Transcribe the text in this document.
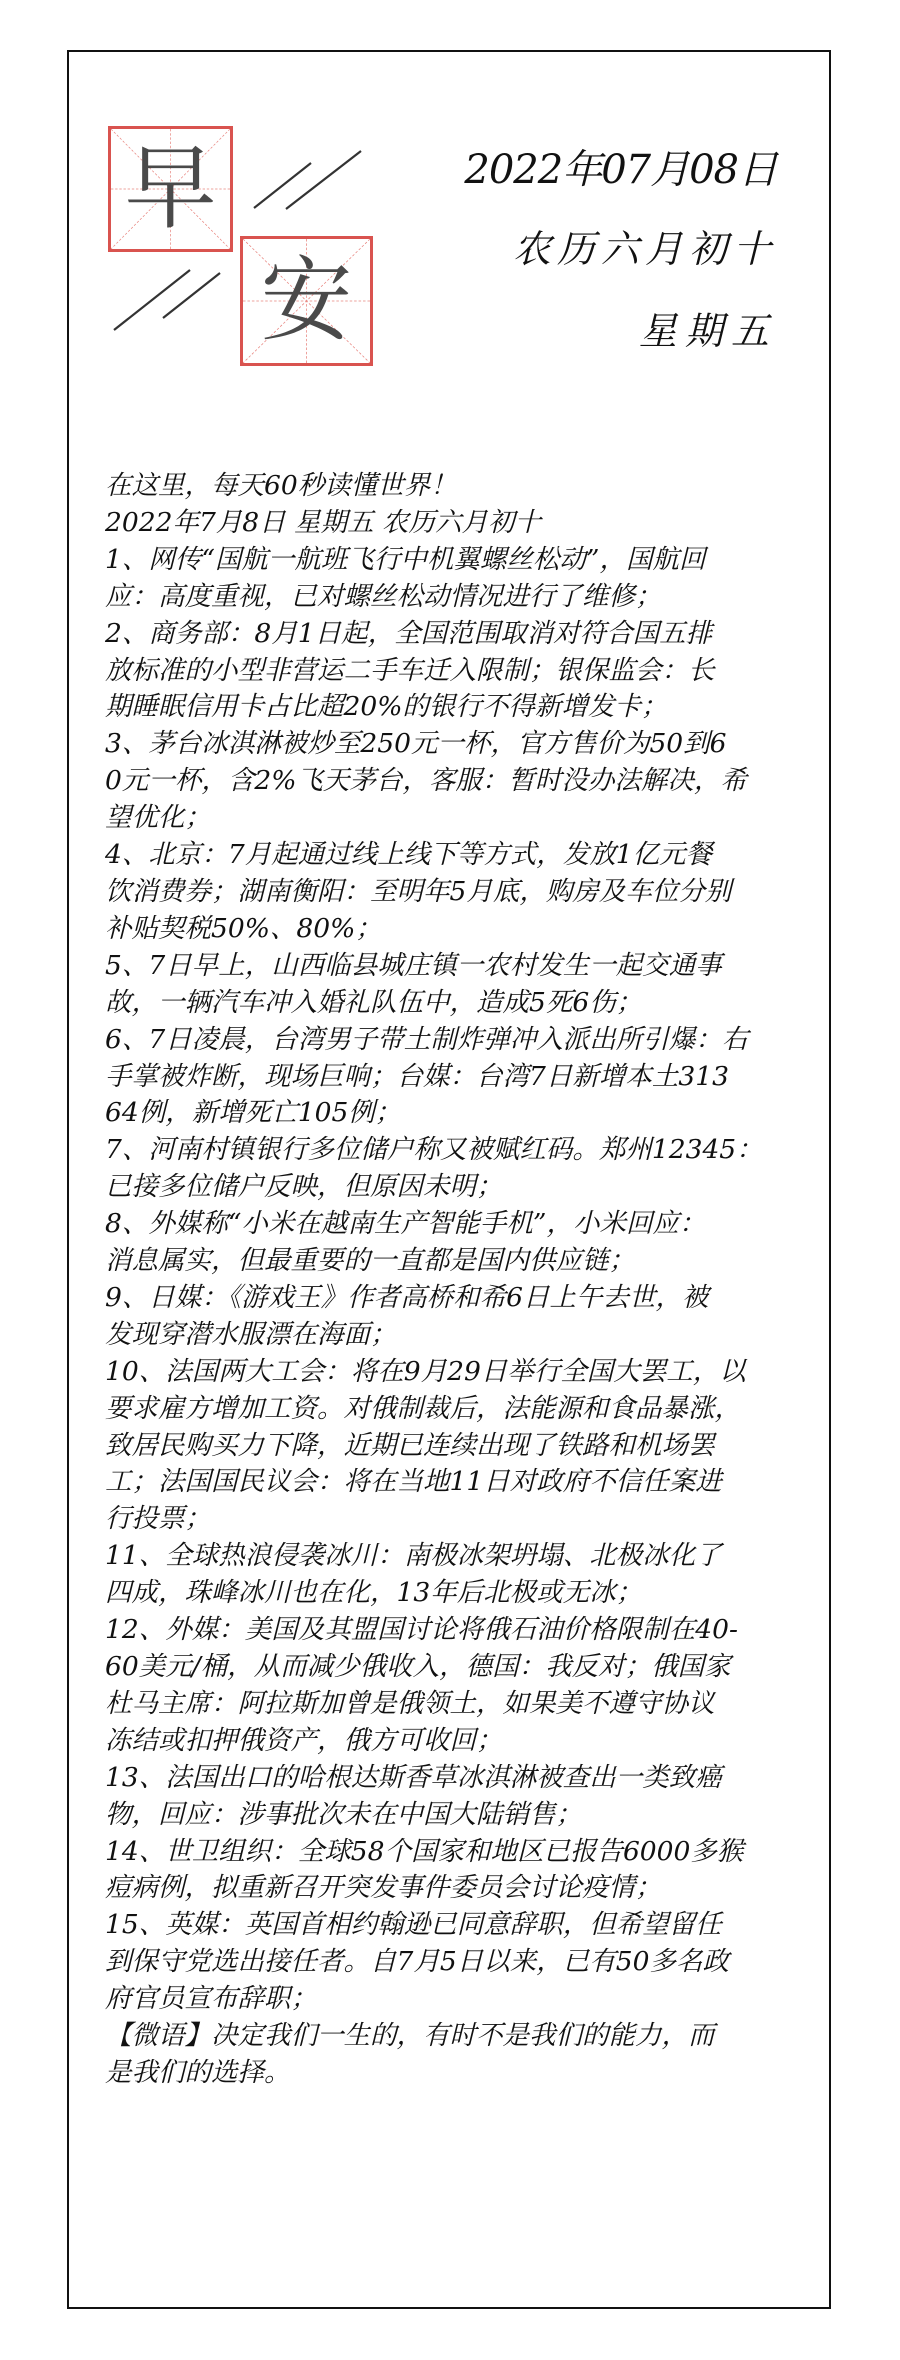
早
安
2022年07月08日
农历六月初十
星期五
在这里，每天60秒读懂世界！
2022年7月8日 星期五 农历六月初十
1、网传“国航一航班飞行中机翼螺丝松动”，国航回
应：高度重视，已对螺丝松动情况进行了维修；
2、商务部：8月1日起，全国范围取消对符合国五排
放标准的小型非营运二手车迁入限制；银保监会：长
期睡眠信用卡占比超20%的银行不得新增发卡；
3、茅台冰淇淋被炒至250元一杯，官方售价为50到6
0元一杯，含2%飞天茅台，客服：暂时没办法解决，希
望优化；
4、北京：7月起通过线上线下等方式，发放1亿元餐
饮消费券；湖南衡阳：至明年5月底，购房及车位分别
补贴契税50%、80%；
5、7日早上，山西临县城庄镇一农村发生一起交通事
故，一辆汽车冲入婚礼队伍中，造成5死6伤；
6、7日凌晨，台湾男子带土制炸弹冲入派出所引爆：右
手掌被炸断，现场巨响；台媒：台湾7日新增本土313
64例，新增死亡105例；
7、河南村镇银行多位储户称又被赋红码。郑州12345：
已接多位储户反映，但原因未明；
8、外媒称“小米在越南生产智能手机”，小米回应：
消息属实，但最重要的一直都是国内供应链；
9、日媒：《游戏王》作者高桥和希6日上午去世，被
发现穿潜水服漂在海面；
10、法国两大工会：将在9月29日举行全国大罢工，以
要求雇方增加工资。对俄制裁后，法能源和食品暴涨，
致居民购买力下降，近期已连续出现了铁路和机场罢
工；法国国民议会：将在当地11日对政府不信任案进
行投票；
11、全球热浪侵袭冰川：南极冰架坍塌、北极冰化了
四成，珠峰冰川也在化，13年后北极或无冰；
12、外媒：美国及其盟国讨论将俄石油价格限制在40-
60美元/桶，从而减少俄收入，德国：我反对；俄国家
杜马主席：阿拉斯加曾是俄领土，如果美不遵守协议
冻结或扣押俄资产，俄方可收回；
13、法国出口的哈根达斯香草冰淇淋被查出一类致癌
物，回应：涉事批次未在中国大陆销售；
14、世卫组织：全球58个国家和地区已报告6000多猴
痘病例，拟重新召开突发事件委员会讨论疫情；
15、英媒：英国首相约翰逊已同意辞职，但希望留任
到保守党选出接任者。自7月5日以来，已有50多名政
府官员宣布辞职；
【微语】决定我们一生的，有时不是我们的能力，而
是我们的选择。
